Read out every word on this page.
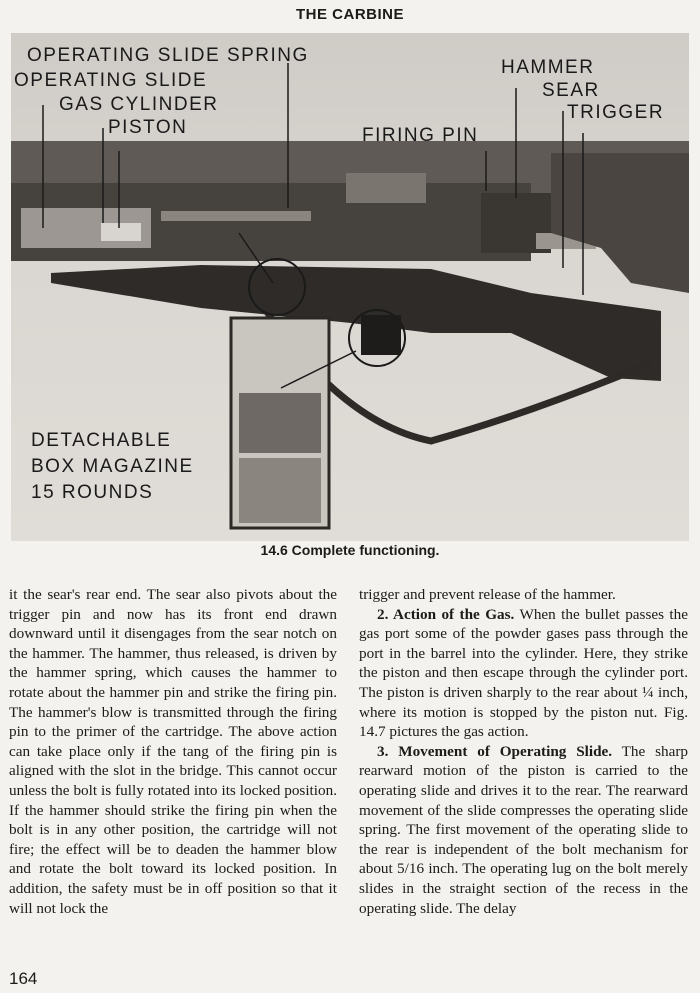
THE CARBINE
OPERATING SLIDE SPRING
OPERATING SLIDE
GAS CYLINDER
PISTON
HAMMER
SEAR
TRIGGER
FIRING PIN
DETACHABLE
BOX MAGAZINE
15 ROUNDS
14.6 Complete functioning.

it the sear's rear end. The sear also pivots about the trigger pin and now has its front end drawn downward until it disengages from the sear notch on the hammer. The hammer, thus released, is driven by the hammer spring, which causes the hammer to rotate about the hammer pin and strike the firing pin. The hammer's blow is transmitted through the firing pin to the primer of the cartridge. The above action can take place only if the tang of the firing pin is aligned with the slot in the bridge. This cannot occur unless the bolt is fully rotated into its locked position. If the hammer should strike the firing pin when the bolt is in any other position, the cartridge will not fire; the effect will be to deaden the hammer blow and rotate the bolt toward its locked position. In addition, the safety must be in off position so that it will not lock the

trigger and prevent release of the hammer.

2. Action of the Gas. When the bullet passes the gas port some of the powder gases pass through the port in the barrel into the cylinder. Here, they strike the piston and then escape through the cylinder port. The piston is driven sharply to the rear about ¼ inch, where its motion is stopped by the piston nut. Fig. 14.7 pictures the gas action.

3. Movement of Operating Slide. The sharp rearward motion of the piston is carried to the operating slide and drives it to the rear. The rearward movement of the slide compresses the operating slide spring. The first movement of the operating slide to the rear is independent of the bolt mechanism for about 5/16 inch. The operating lug on the bolt merely slides in the straight section of the recess in the operating slide. The delay

164
